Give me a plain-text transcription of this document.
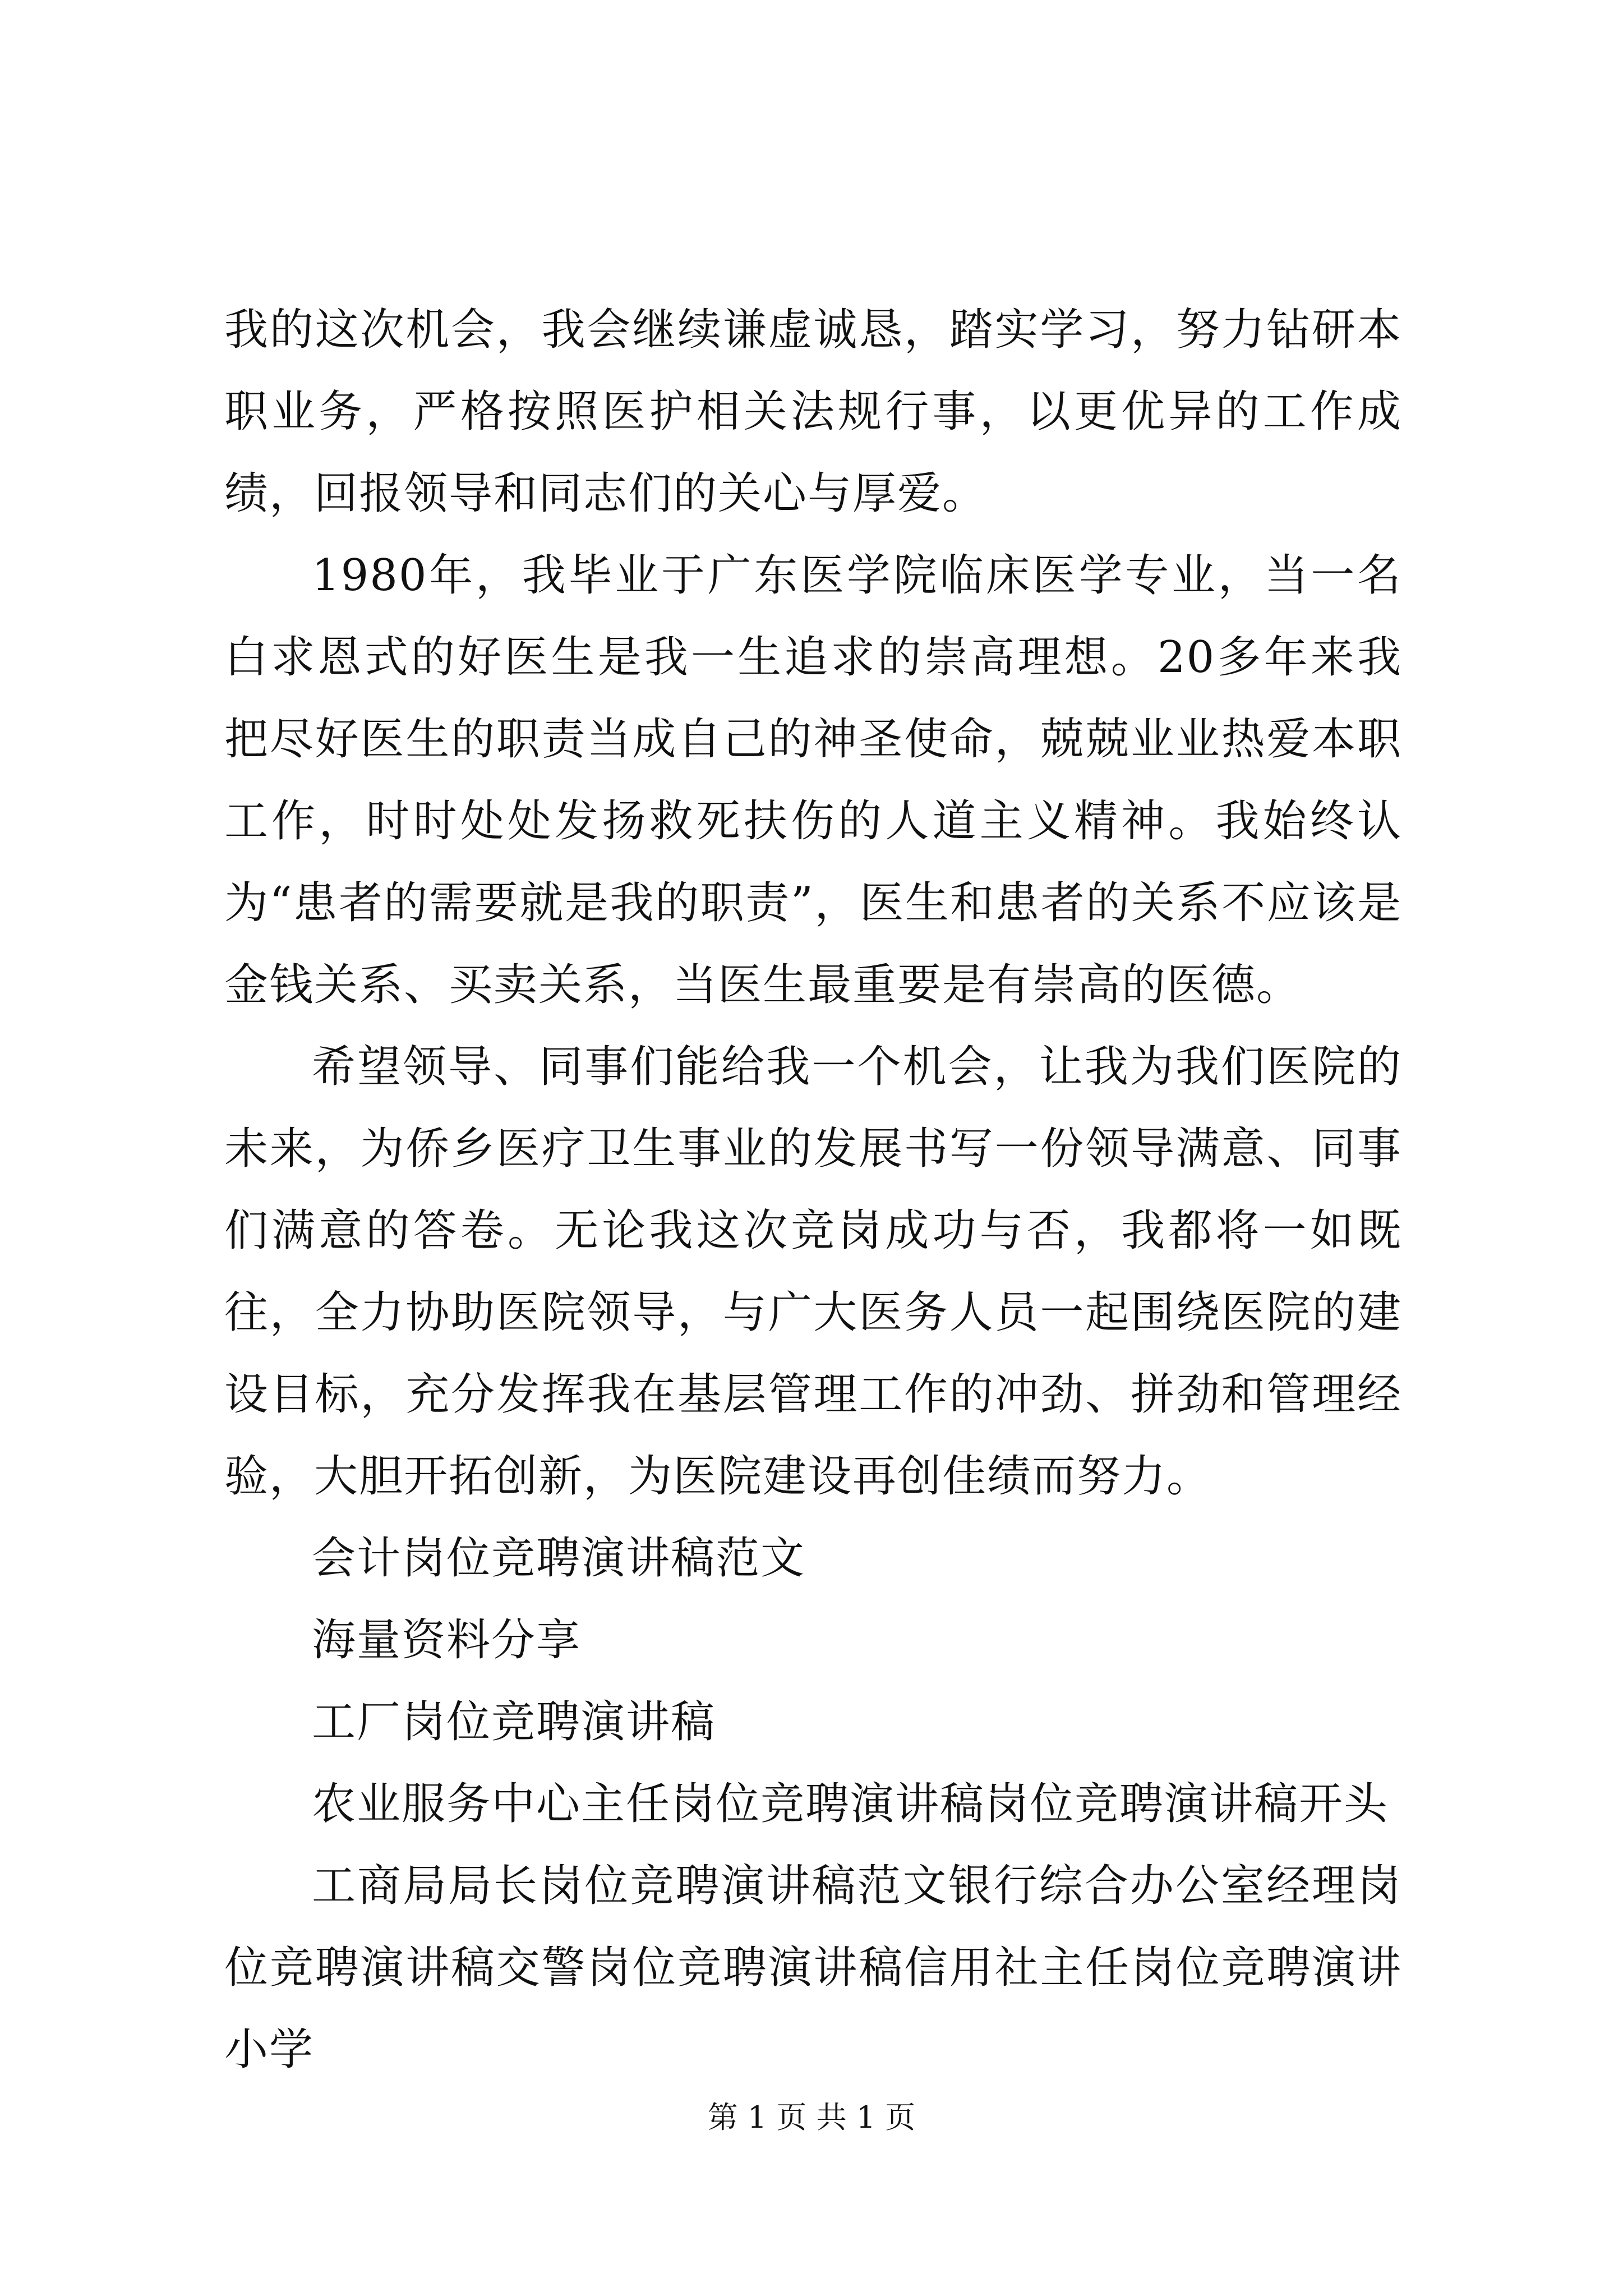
我的这次机会，我会继续谦虚诚恳，踏实学习，努力钻研本职业务，严格按照医护相关法规行事，以更优异的工作成绩，回报领导和同志们的关心与厚爱。

1980年，我毕业于广东医学院临床医学专业，当一名白求恩式的好医生是我一生追求的崇高理想。20多年来我把尽好医生的职责当成自己的神圣使命，兢兢业业热爱本职工作，时时处处发扬救死扶伤的人道主义精神。我始终认为“患者的需要就是我的职责”，医生和患者的关系不应该是金钱关系、买卖关系，当医生最重要是有崇高的医德。

希望领导、同事们能给我一个机会，让我为我们医院的未来，为侨乡医疗卫生事业的发展书写一份领导满意、同事们满意的答卷。无论我这次竞岗成功与否，我都将一如既往，全力协助医院领导，与广大医务人员一起围绕医院的建设目标，充分发挥我在基层管理工作的冲劲、拼劲和管理经验，大胆开拓创新，为医院建设再创佳绩而努力。

会计岗位竞聘演讲稿范文

海量资料分享

工厂岗位竞聘演讲稿

农业服务中心主任岗位竞聘演讲稿岗位竞聘演讲稿开头

工商局局长岗位竞聘演讲稿范文银行综合办公室经理岗位竞聘演讲稿交警岗位竞聘演讲稿信用社主任岗位竞聘演讲小学

第 1 页 共 1 页
